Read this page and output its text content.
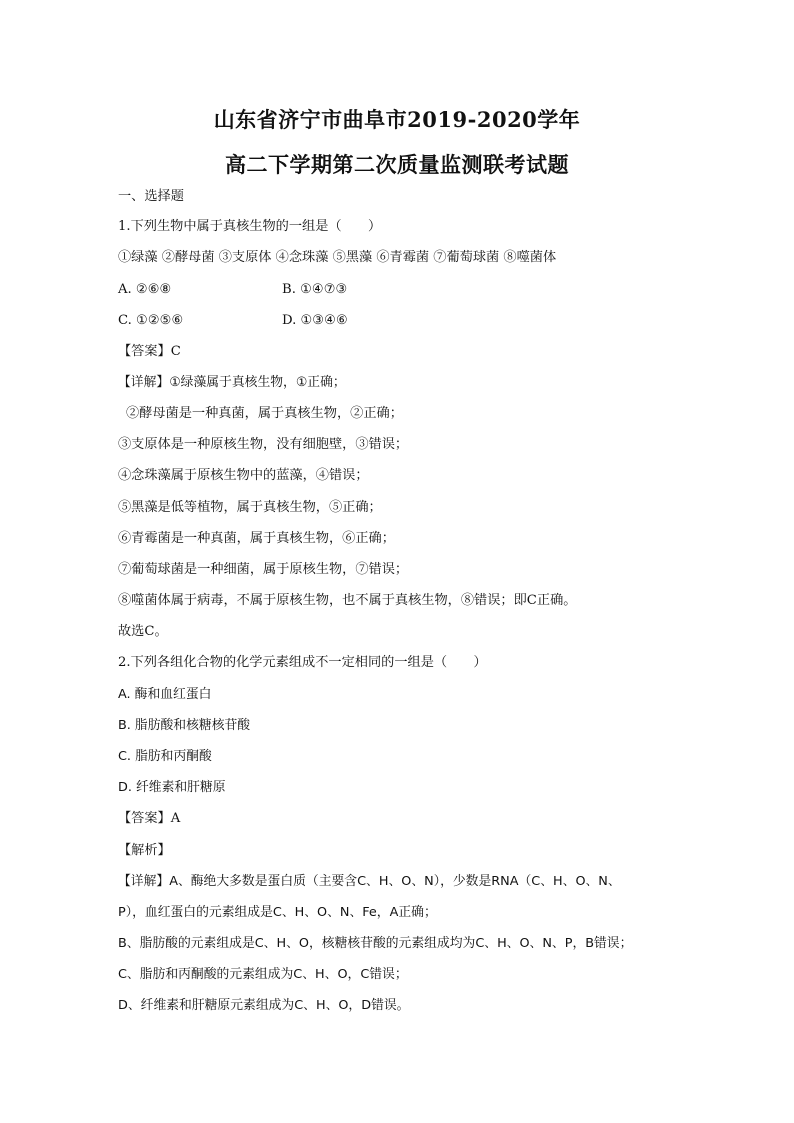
山东省济宁市曲阜市2019-2020学年
高二下学期第二次质量监测联考试题
一、选择题
1.下列生物中属于真核生物的一组是（　　）
①绿藻 ②酵母菌 ③支原体 ④念珠藻 ⑤黑藻 ⑥青霉菌 ⑦葡萄球菌 ⑧噬菌体
A. ②⑥⑧	B. ①④⑦③
C. ①②⑤⑥	D. ①③④⑥
【答案】C
【详解】①绿藻属于真核生物，①正确；
②酵母菌是一种真菌，属于真核生物，②正确；
③支原体是一种原核生物，没有细胞壁，③错误；
④念珠藻属于原核生物中的蓝藻，④错误；
⑤黑藻是低等植物，属于真核生物，⑤正确；
⑥青霉菌是一种真菌，属于真核生物，⑥正确；
⑦葡萄球菌是一种细菌，属于原核生物，⑦错误；
⑧噬菌体属于病毒，不属于原核生物，也不属于真核生物，⑧错误；即C正确。
故选C。
2.下列各组化合物的化学元素组成不一定相同的一组是（　　）
A. 酶和血红蛋白
B. 脂肪酸和核糖核苷酸
C. 脂肪和丙酮酸
D. 纤维素和肝糖原
【答案】A
【解析】
【详解】A、酶绝大多数是蛋白质（主要含C、H、O、N），少数是RNA（C、H、O、N、
P），血红蛋白的元素组成是C、H、O、N、Fe，A正确；
B、脂肪酸的元素组成是C、H、O，核糖核苷酸的元素组成均为C、H、O、N、P，B错误；
C、脂肪和丙酮酸的元素组成为C、H、O，C错误；
D、纤维素和肝糖原元素组成为C、H、O，D错误。
